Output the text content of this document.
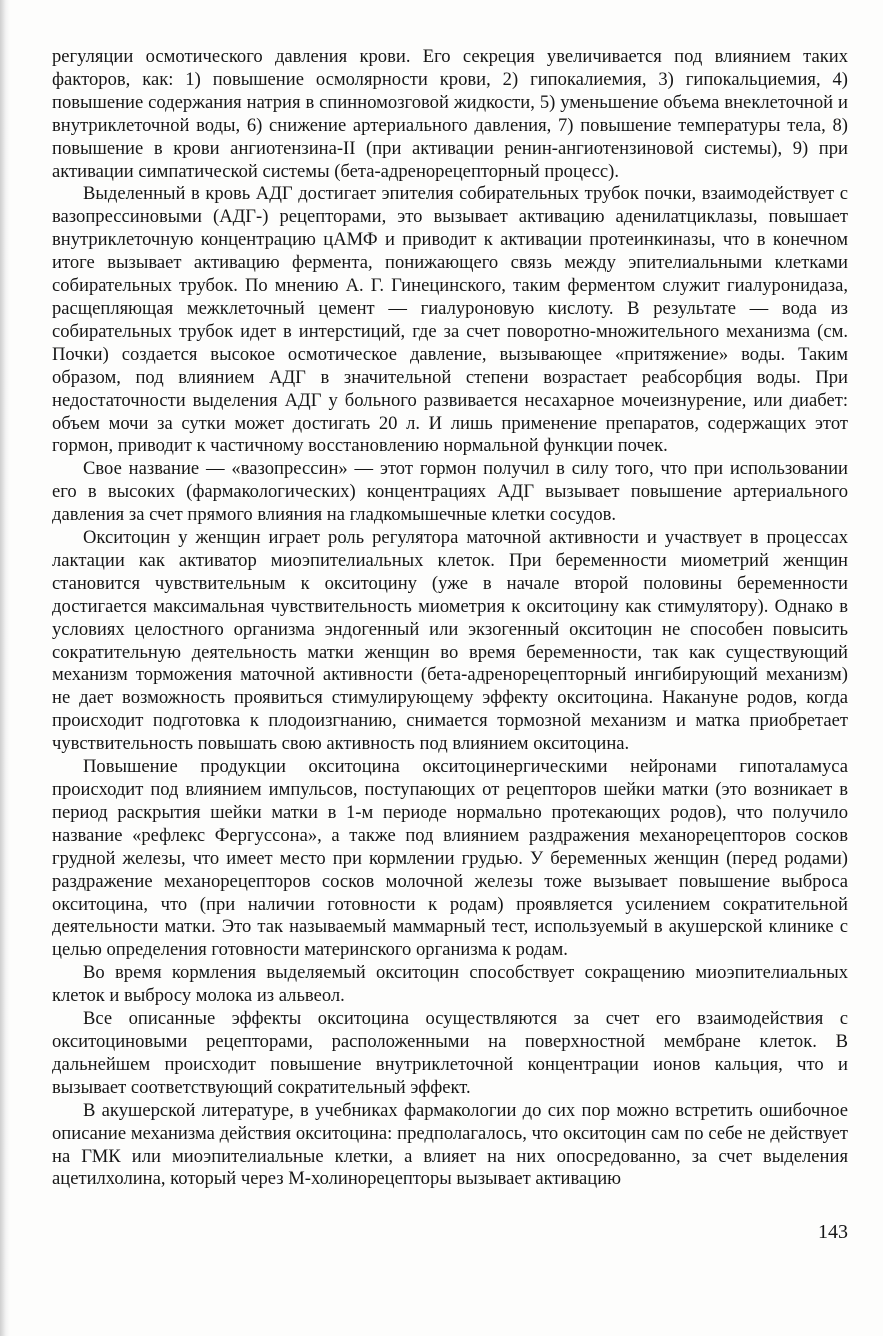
регуляции осмотического давления крови. Его секреция увеличивается под влиянием таких факторов, как: 1) повышение осмолярности крови, 2) гипокалиемия, 3) гипокальциемия, 4) повышение содержания натрия в спинномозговой жидкости, 5) уменьшение объема внеклеточной и внутриклеточной воды, 6) снижение артериального давления, 7) повышение температуры тела, 8) повышение в крови ангиотензина-II (при активации ренин-ангиотензиновой системы), 9) при активации симпатической системы (бета-адренорецепторный процесс).

Выделенный в кровь АДГ достигает эпителия собирательных трубок почки, взаимодействует с вазопрессиновыми (АДГ-) рецепторами, это вызывает активацию аденилатциклазы, повышает внутриклеточную концентрацию цАМФ и приводит к активации протеинкиназы, что в конечном итоге вызывает активацию фермента, понижающего связь между эпителиальными клетками собирательных трубок. По мнению А. Г. Гинецинского, таким ферментом служит гиалуронидаза, расщепляющая межклеточный цемент — гиалуроновую кислоту. В результате — вода из собирательных трубок идет в интерстиций, где за счет поворотно-множительного механизма (см. Почки) создается высокое осмотическое давление, вызывающее «притяжение» воды. Таким образом, под влиянием АДГ в значительной степени возрастает реабсорбция воды. При недостаточности выделения АДГ у больного развивается несахарное мочеизнурение, или диабет: объем мочи за сутки может достигать 20 л. И лишь применение препаратов, содержащих этот гормон, приводит к частичному восстановлению нормальной функции почек.

Свое название — «вазопрессин» — этот гормон получил в силу того, что при использовании его в высоких (фармакологических) концентрациях АДГ вызывает повышение артериального давления за счет прямого влияния на гладкомышечные клетки сосудов.

Окситоцин у женщин играет роль регулятора маточной активности и участвует в процессах лактации как активатор миоэпителиальных клеток. При беременности миометрий женщин становится чувствительным к окситоцину (уже в начале второй половины беременности достигается максимальная чувствительность миометрия к окситоцину как стимулятору). Однако в условиях целостного организма эндогенный или экзогенный окситоцин не способен повысить сократительную деятельность матки женщин во время беременности, так как существующий механизм торможения маточной активности (бета-адренорецепторный ингибирующий механизм) не дает возможность проявиться стимулирующему эффекту окситоцина. Накануне родов, когда происходит подготовка к плодоизгнанию, снимается тормозной механизм и матка приобретает чувствительность повышать свою активность под влиянием окситоцина.

Повышение продукции окситоцина окситоцинергическими нейронами гипоталамуса происходит под влиянием импульсов, поступающих от рецепторов шейки матки (это возникает в период раскрытия шейки матки в 1-м периоде нормально протекающих родов), что получило название «рефлекс Фергуссона», а также под влиянием раздражения механорецепторов сосков грудной железы, что имеет место при кормлении грудью. У беременных женщин (перед родами) раздражение механорецепторов сосков молочной железы тоже вызывает повышение выброса окситоцина, что (при наличии готовности к родам) проявляется усилением сократительной деятельности матки. Это так называемый маммарный тест, используемый в акушерской клинике с целью определения готовности материнского организма к родам.

Во время кормления выделяемый окситоцин способствует сокращению миоэпителиальных клеток и выбросу молока из альвеол.

Все описанные эффекты окситоцина осуществляются за счет его взаимодействия с окситоциновыми рецепторами, расположенными на поверхностной мембране клеток. В дальнейшем происходит повышение внутриклеточной концентрации ионов кальция, что и вызывает соответствующий сократительный эффект.

В акушерской литературе, в учебниках фармакологии до сих пор можно встретить ошибочное описание механизма действия окситоцина: предполагалось, что окситоцин сам по себе не действует на ГМК или миоэпителиальные клетки, а влияет на них опосредованно, за счет выделения ацетилхолина, который через М-холинорецепторы вызывает активацию

143
